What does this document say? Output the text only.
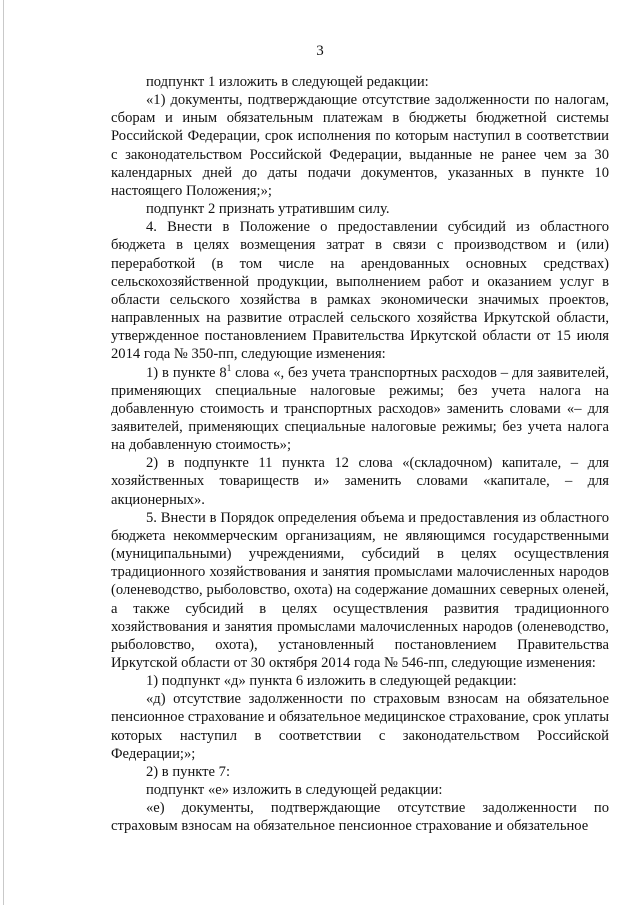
3

подпункт 1 изложить в следующей редакции:

«1) документы, подтверждающие отсутствие задолженности по налогам, сборам и иным обязательным платежам в бюджеты бюджетной системы Российской Федерации, срок исполнения по которым наступил в соответствии с законодательством Российской Федерации, выданные не ранее чем за 30 календарных дней до даты подачи документов, указанных в пункте 10 настоящего Положения;»;

подпункт 2 признать утратившим силу.

4. Внести в Положение о предоставлении субсидий из областного бюджета в целях возмещения затрат в связи с производством и (или) переработкой (в том числе на арендованных основных средствах) сельскохозяйственной продукции, выполнением работ и оказанием услуг в области сельского хозяйства в рамках экономически значимых проектов, направленных на развитие отраслей сельского хозяйства Иркутской области, утвержденное постановлением Правительства Иркутской области от 15 июля 2014 года № 350-пп, следующие изменения:

1) в пункте $8^1$ слова «, без учета транспортных расходов – для заявителей, применяющих специальные налоговые режимы; без учета налога на добавленную стоимость и транспортных расходов» заменить словами «– для заявителей, применяющих специальные налоговые режимы; без учета налога на добавленную стоимость»;

2) в подпункте 11 пункта 12 слова «(складочном) капитале, – для хозяйственных товариществ и» заменить словами «капитале, – для акционерных».

5. Внести в Порядок определения объема и предоставления из областного бюджета некоммерческим организациям, не являющимся государственными (муниципальными) учреждениями, субсидий в целях осуществления традиционного хозяйствования и занятия промыслами малочисленных народов (оленеводство, рыболовство, охота) на содержание домашних северных оленей, а также субсидий в целях осуществления развития традиционного хозяйствования и занятия промыслами малочисленных народов (оленеводство, рыболовство, охота), установленный постановлением Правительства Иркутской области от 30 октября 2014 года № 546-пп, следующие изменения:

1) подпункт «д» пункта 6 изложить в следующей редакции:

«д) отсутствие задолженности по страховым взносам на обязательное пенсионное страхование и обязательное медицинское страхование, срок уплаты которых наступил в соответствии с законодательством Российской Федерации;»;

2) в пункте 7:

подпункт «е» изложить в следующей редакции:

«е) документы, подтверждающие отсутствие задолженности по страховым взносам на обязательное пенсионное страхование и обязательное
